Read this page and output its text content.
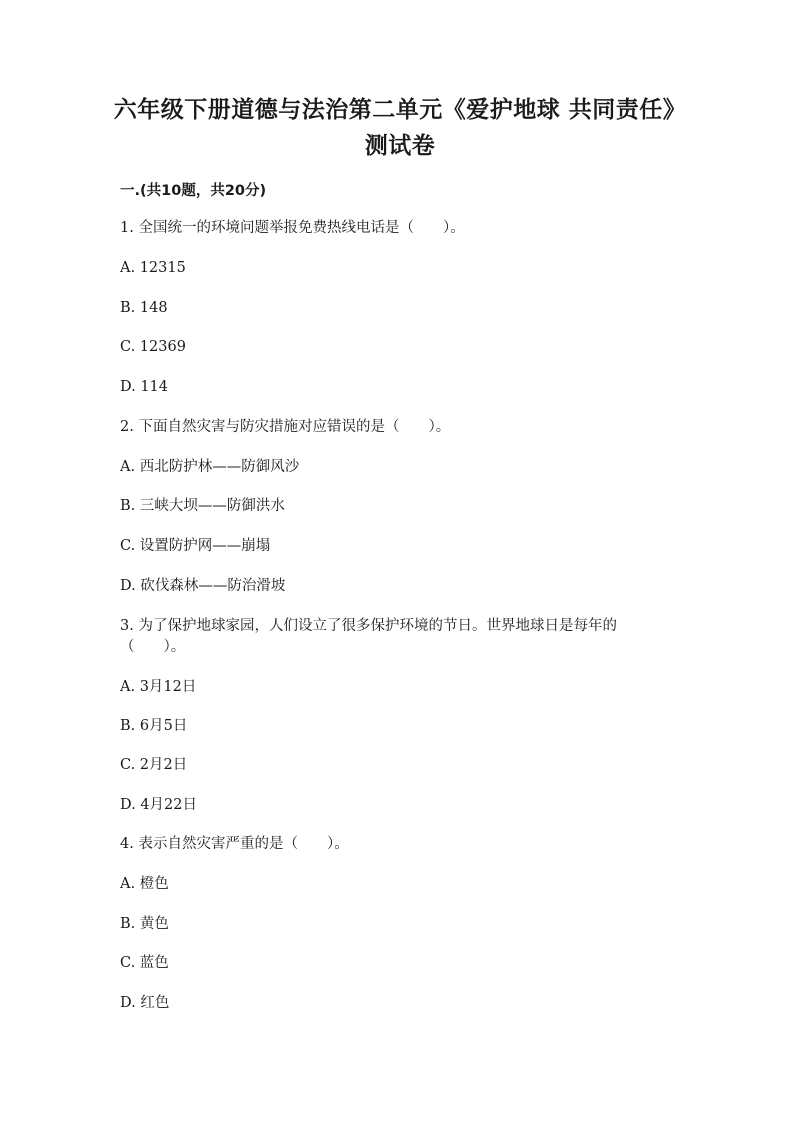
六年级下册道德与法治第二单元《爱护地球 共同责任》测试卷
一.(共10题，共20分)
1. 全国统一的环境问题举报免费热线电话是（　　）。
A. 12315
B. 148
C. 12369
D. 114
2. 下面自然灾害与防灾措施对应错误的是（　　）。
A. 西北防护林——防御风沙
B. 三峡大坝——防御洪水
C. 设置防护网——崩塌
D. 砍伐森林——防治滑坡
3. 为了保护地球家园，人们设立了很多保护环境的节日。世界地球日是每年的（　　）。
A. 3月12日
B. 6月5日
C. 2月2日
D. 4月22日
4. 表示自然灾害严重的是（　　）。
A. 橙色
B. 黄色
C. 蓝色
D. 红色
